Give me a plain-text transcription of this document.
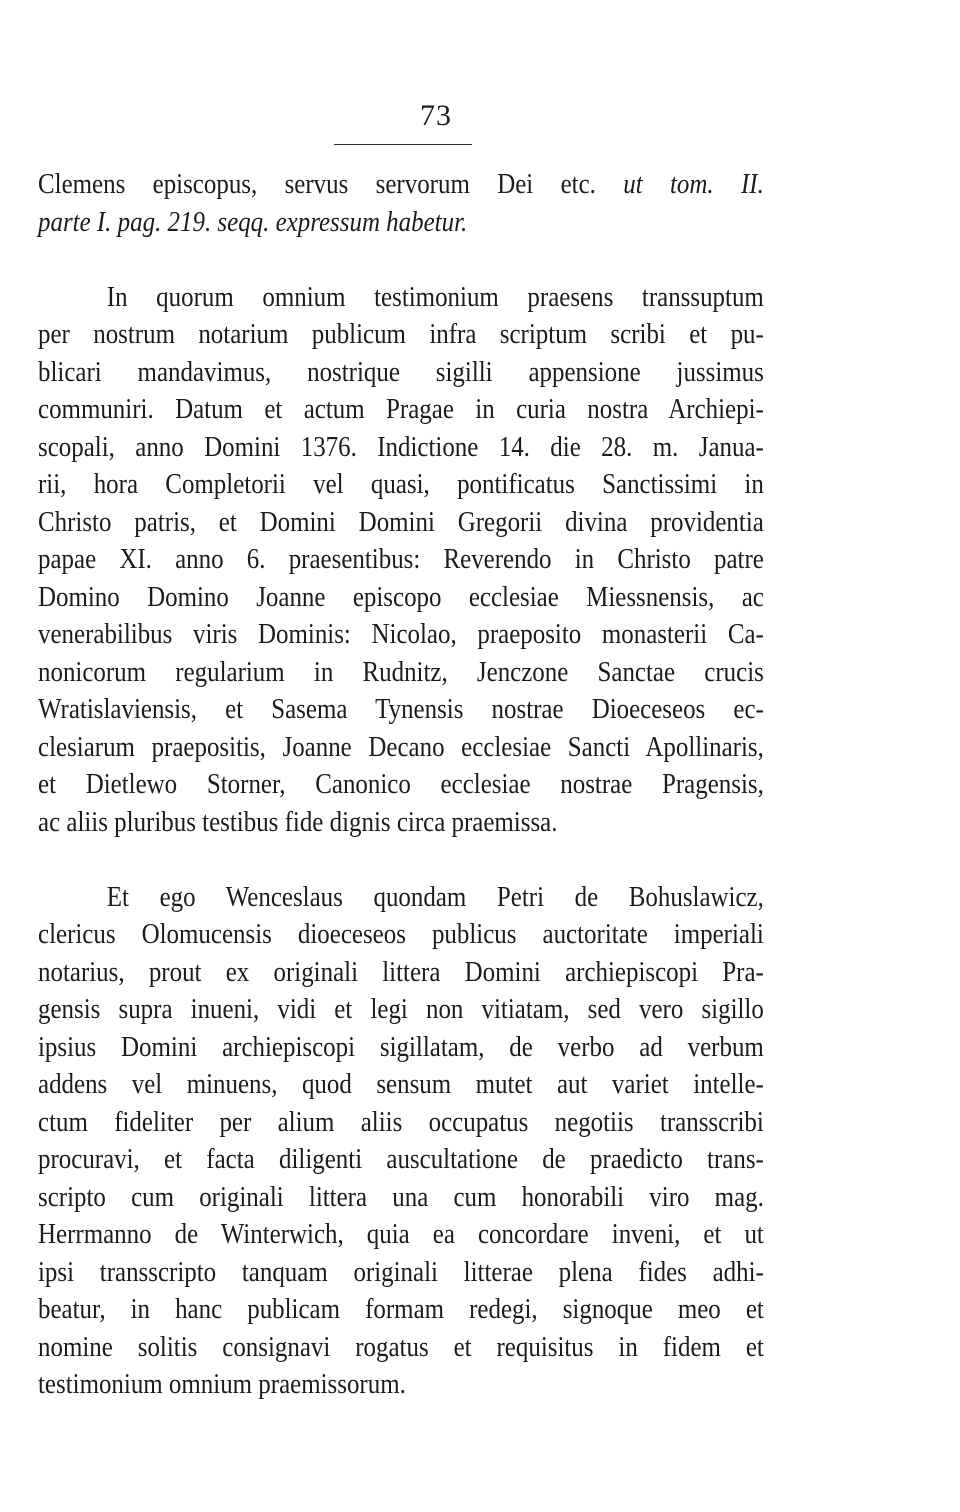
73
Clemens episcopus, servus servorum Dei etc. ut tom. II.
parte I. pag. 219. seqq. expressum habetur.
In quorum omnium testimonium praesens transsuptum
per nostrum notarium publicum infra scriptum scribi et pu-
blicari mandavimus, nostrique sigilli appensione jussimus
communiri. Datum et actum Pragae in curia nostra Archiepi-
scopali, anno Domini 1376. Indictione 14. die 28. m. Janua-
rii, hora Completorii vel quasi, pontificatus Sanctissimi in
Christo patris, et Domini Domini Gregorii divina providentia
papae XI. anno 6. praesentibus: Reverendo in Christo patre
Domino Domino Joanne episcopo ecclesiae Miessnensis, ac
venerabilibus viris Dominis: Nicolao, praeposito monasterii Ca-
nonicorum regularium in Rudnitz, Jenczone Sanctae crucis
Wratislaviensis, et Sasema Tynensis nostrae Dioeceseos ec-
clesiarum praepositis, Joanne Decano ecclesiae Sancti Apollinaris,
et Dietlewo Storner, Canonico ecclesiae nostrae Pragensis,
ac aliis pluribus testibus fide dignis circa praemissa.
Et ego Wenceslaus quondam Petri de Bohuslawicz,
clericus Olomucensis dioeceseos publicus auctoritate imperiali
notarius, prout ex originali littera Domini archiepiscopi Pra-
gensis supra inueni, vidi et legi non vitiatam, sed vero sigillo
ipsius Domini archiepiscopi sigillatam, de verbo ad verbum
addens vel minuens, quod sensum mutet aut variet intelle-
ctum fideliter per alium aliis occupatus negotiis transscribi
procuravi, et facta diligenti auscultatione de praedicto trans-
scripto cum originali littera una cum honorabili viro mag.
Herrmanno de Winterwich, quia ea concordare inveni, et ut
ipsi transscripto tanquam originali litterae plena fides adhi-
beatur, in hanc publicam formam redegi, signoque meo et
nomine solitis consignavi rogatus et requisitus in fidem et
testimonium omnium praemissorum.
